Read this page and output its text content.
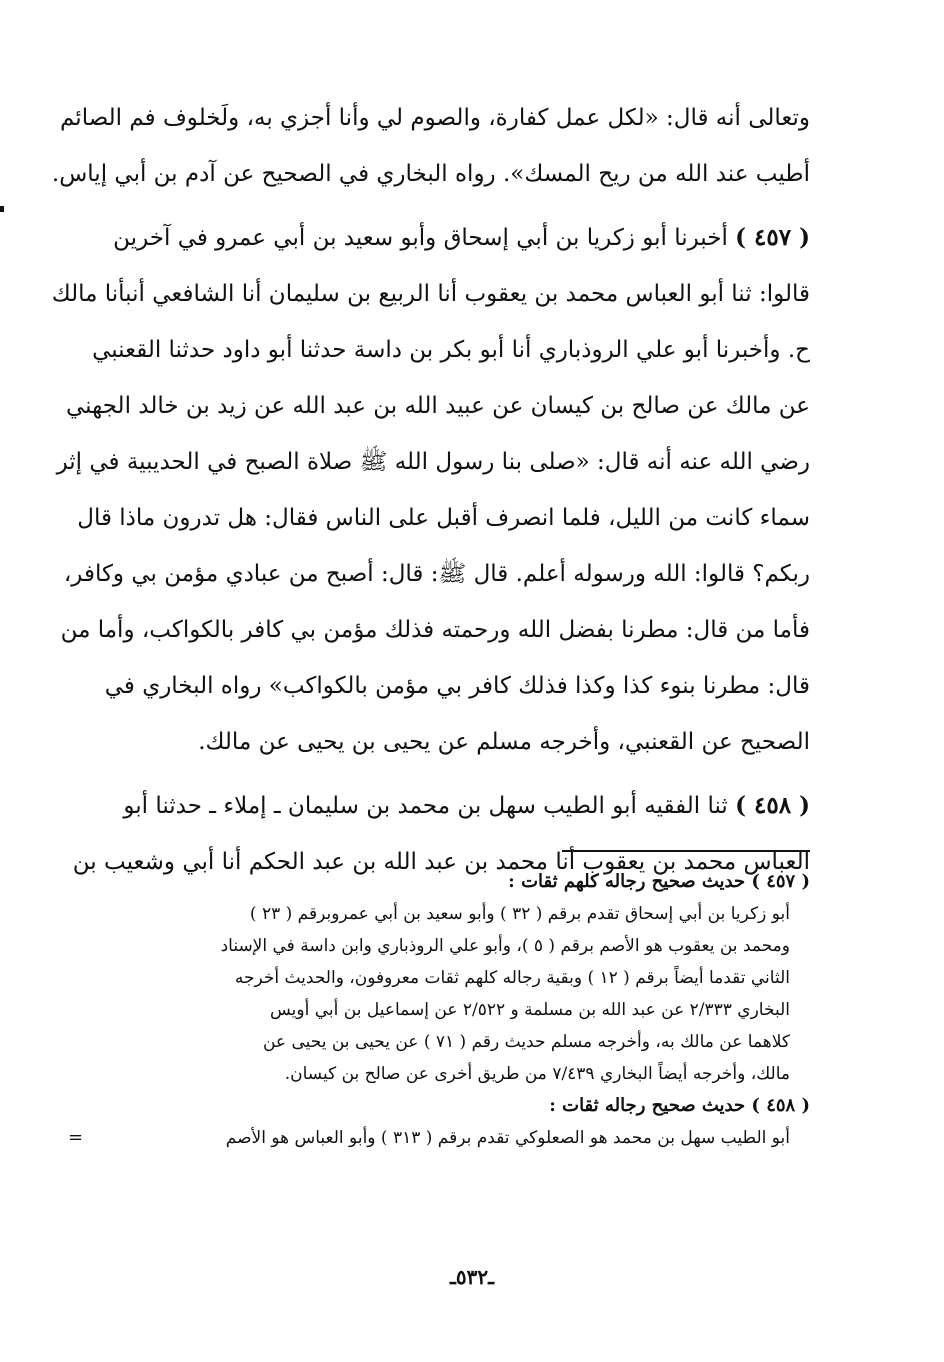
وتعالى أنه قال: «لكل عمل كفارة، والصوم لي وأنا أجزي به، ولَخلوف فم الصائم
أطيب عند الله من ريح المسك». رواه البخاري في الصحيح عن آدم بن أبي إياس.

( ٤٥٧ ) أخبرنا أبو زكريا بن أبي إسحاق وأبو سعيد بن أبي عمرو في آخرين
قالوا: ثنا أبو العباس محمد بن يعقوب أنا الربيع بن سليمان أنا الشافعي أنبأنا مالك
ح. وأخبرنا أبو علي الروذباري أنا أبو بكر بن داسة حدثنا أبو داود حدثنا القعنبي
عن مالك عن صالح بن كيسان عن عبيد الله بن عبد الله عن زيد بن خالد الجهني
رضي الله عنه أنه قال: «صلى بنا رسول الله ﷺ صلاة الصبح في الحديبية في إثر
سماء كانت من الليل، فلما انصرف أقبل على الناس فقال: هل تدرون ماذا قال
ربكم؟ قالوا: الله ورسوله أعلم. قال ﷺ: قال: أصبح من عبادي مؤمن بي وكافر،
فأما من قال: مطرنا بفضل الله ورحمته فذلك مؤمن بي كافر بالكواكب، وأما من
قال: مطرنا بنوء كذا وكذا فذلك كافر بي مؤمن بالكواكب» رواه البخاري في
الصحيح عن القعنبي، وأخرجه مسلم عن يحيى بن يحيى عن مالك.

( ٤٥٨ ) ثنا الفقيه أبو الطيب سهل بن محمد بن سليمان ـ إملاء ـ حدثنا أبو
العباس محمد بن يعقوب أنا محمد بن عبد الله بن عبد الحكم أنا أبي وشعيب بن

( ٤٥٧ ) حديث صحيح رجاله كلهم ثقات :
أبو زكريا بن أبي إسحاق تقدم برقم ( ٣٢ ) وأبو سعيد بن أبي عمروبرقم ( ٢٣ )
ومحمد بن يعقوب هو الأصم برقم ( ٥ )، وأبو علي الروذباري وابن داسة في الإسناد
الثاني تقدما أيضاً برقم ( ١٢ ) وبقية رجاله كلهم ثقات معروفون، والحديث أخرجه
البخاري ٢/٣٣٣ عن عبد الله بن مسلمة و ٢/٥٢٢ عن إسماعيل بن أبي أويس
كلاهما عن مالك به، وأخرجه مسلم حديث رقم ( ٧١ ) عن يحيى بن يحيى عن
مالك، وأخرجه أيضاً البخاري ٧/٤٣٩ من طريق أخرى عن صالح بن كيسان.
( ٤٥٨ ) حديث صحيح رجاله ثقات :
أبو الطيب سهل بن محمد هو الصعلوكي تقدم برقم ( ٣١٣ ) وأبو العباس هو الأصم
=
ـ٥٣٢ـ
